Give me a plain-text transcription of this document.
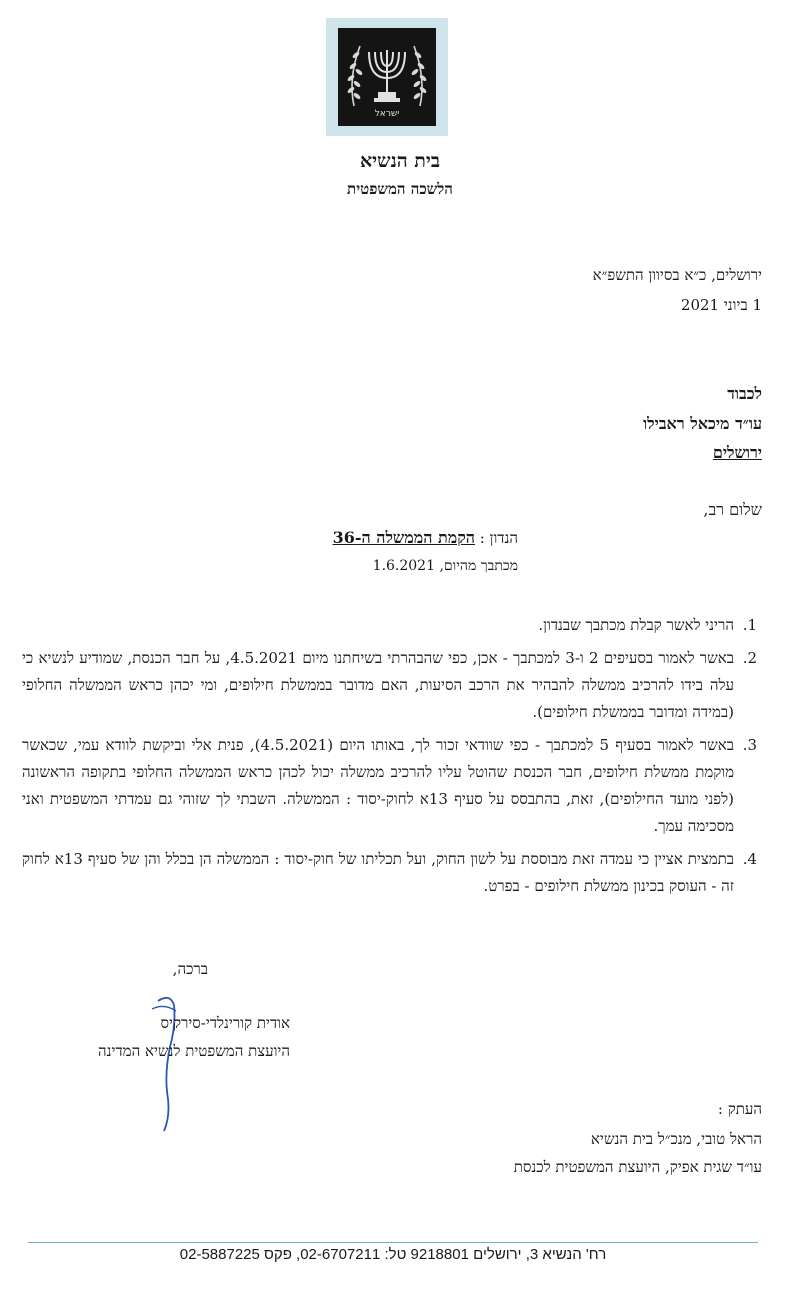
ישראל
בית הנשיא
הלשכה המשפטית
ירושלים, כ״א בסיוון התשפ״א
1 ביוני 2021
לכבוד
עו״ד מיכאל ראבילו
ירושלים
שלום רב,
הנדון : הקמת הממשלה ה-36
מכתבך מהיום, 1.6.2021
1. הריני לאשר קבלת מכתבך שבנדון.
2. באשר לאמור בסעיפים 2 ו-3 למכתבך - אכן, כפי שהבהרתי בשיחתנו מיום 4.5.2021, על חבר הכנסת, שמודיע לנשיא כי עלה בידו להרכיב ממשלה להבהיר את הרכב הסיעות, האם מדובר בממשלת חילופים, ומי יכהן כראש הממשלה החלופי (במידה ומדובר בממשלת חילופים).
3. באשר לאמור בסעיף 5 למכתבך - כפי שוודאי זכור לך, באותו היום (4.5.2021), פנית אלי וביקשת לוודא עמי, שכאשר מוקמת ממשלת חילופים, חבר הכנסת שהוטל עליו להרכיב ממשלה יכול לכהן כראש הממשלה החלופי בתקופה הראשונה (לפני מועד החילופים), זאת, בהתבסס על סעיף 13א לחוק-יסוד : הממשלה. השבתי לך שזוהי גם עמדתי המשפטית ואני מסכימה עמך.
4. בתמצית אציין כי עמדה זאת מבוססת על לשון החוק, ועל תכליתו של חוק-יסוד : הממשלה הן בכלל והן של סעיף 13א לחוק זה - העוסק בכינון ממשלת חילופים - בפרט.
ברכה,
אודית קורינלדי-סירקיס
היועצת המשפטית לנשיא המדינה
העתק :
הראל טובי, מנכ״ל בית הנשיא
עו״ד שגית אפיק, היועצת המשפטית לכנסת
רח' הנשיא 3, ירושלים 9218801 טל: 02-6707211, פקס 02-5887225
